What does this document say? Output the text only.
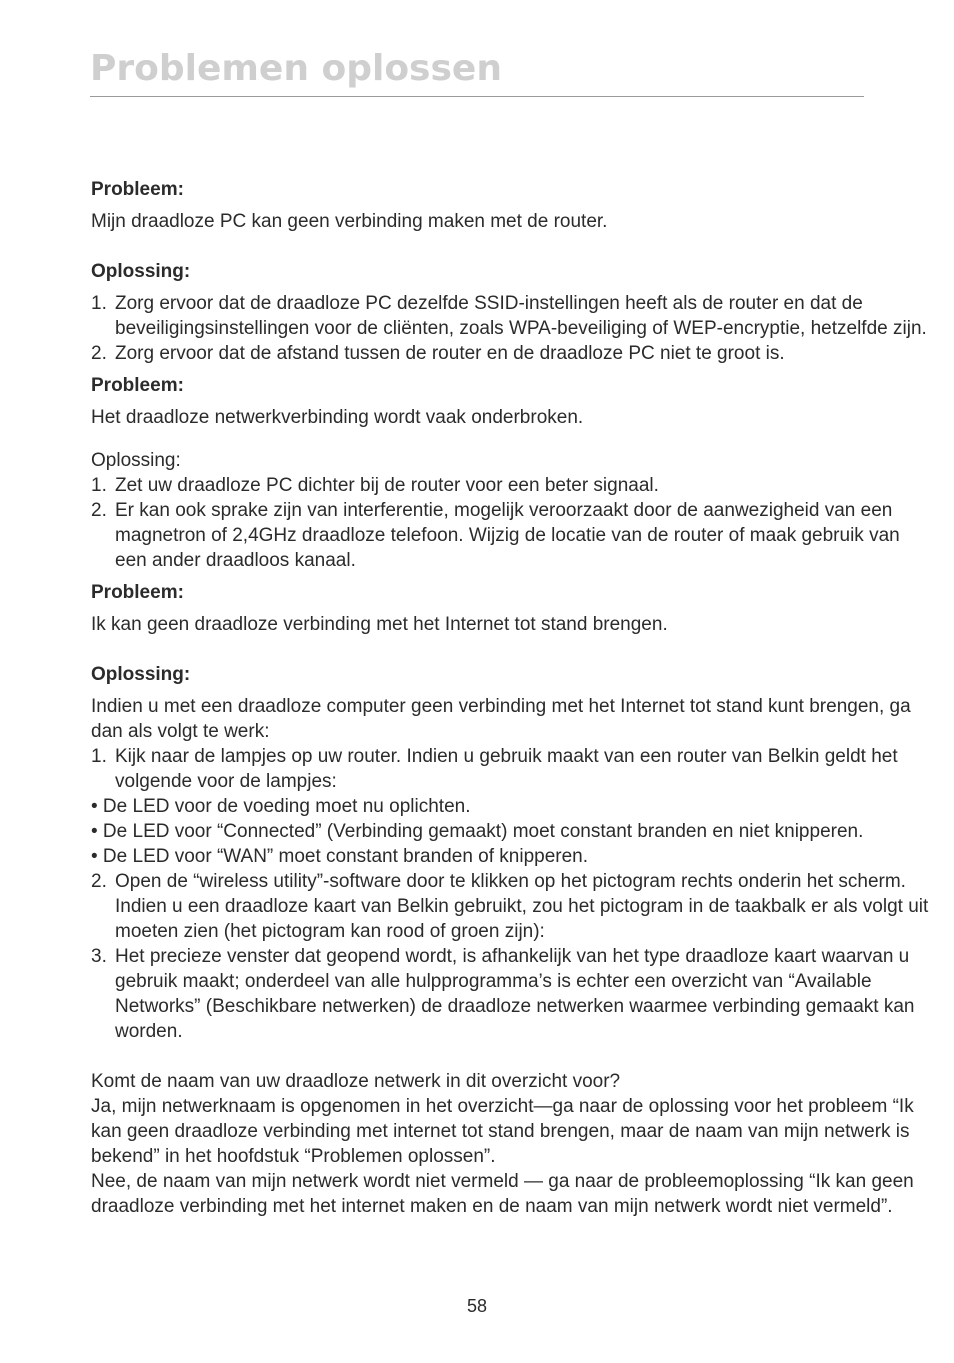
Problemen oplossen

Probleem:

Mijn draadloze PC kan geen verbinding maken met de router.

Oplossing:

1. Zorg ervoor dat de draadloze PC dezelfde SSID-instellingen heeft als de router en dat de beveiligingsinstellingen voor de cliënten, zoals WPA-beveiliging of WEP-encryptie, hetzelfde zijn.
2. Zorg ervoor dat de afstand tussen de router en de draadloze PC niet te groot is.

Probleem:

Het draadloze netwerkverbinding wordt vaak onderbroken.

Oplossing:

1. Zet uw draadloze PC dichter bij de router voor een beter signaal.
2. Er kan ook sprake zijn van interferentie, mogelijk veroorzaakt door de aanwezigheid van een magnetron of 2,4GHz draadloze telefoon. Wijzig de locatie van de router of maak gebruik van een ander draadloos kanaal.

Probleem:

Ik kan geen draadloze verbinding met het Internet tot stand brengen.

Oplossing:

Indien u met een draadloze computer geen verbinding met het Internet tot stand kunt brengen, ga dan als volgt te werk:

1. Kijk naar de lampjes op uw router. Indien u gebruik maakt van een router van Belkin geldt het volgende voor de lampjes:

• De LED voor de voeding moet nu oplichten.

• De LED voor “Connected” (Verbinding gemaakt) moet constant branden en niet knipperen.

• De LED voor “WAN” moet constant branden of knipperen.

2. Open de “wireless utility”-software door te klikken op het pictogram rechts onderin het scherm. Indien u een draadloze kaart van Belkin gebruikt, zou het pictogram in de taakbalk er als volgt uit moeten zien (het pictogram kan rood of groen zijn):
3. Het precieze venster dat geopend wordt, is afhankelijk van het type draadloze kaart waarvan u gebruik maakt; onderdeel van alle hulpprogramma’s is echter een overzicht van “Available Networks” (Beschikbare netwerken) de draadloze netwerken waarmee verbinding gemaakt kan worden.

Komt de naam van uw draadloze netwerk in dit overzicht voor?

Ja, mijn netwerknaam is opgenomen in het overzicht—ga naar de oplossing voor het probleem “Ik kan geen draadloze verbinding met internet tot stand brengen, maar de naam van mijn netwerk is bekend” in het hoofdstuk “Problemen oplossen”.

Nee, de naam van mijn netwerk wordt niet vermeld — ga naar de probleemoplossing “Ik kan geen draadloze verbinding met het internet maken en de naam van mijn netwerk wordt niet vermeld”.

58
